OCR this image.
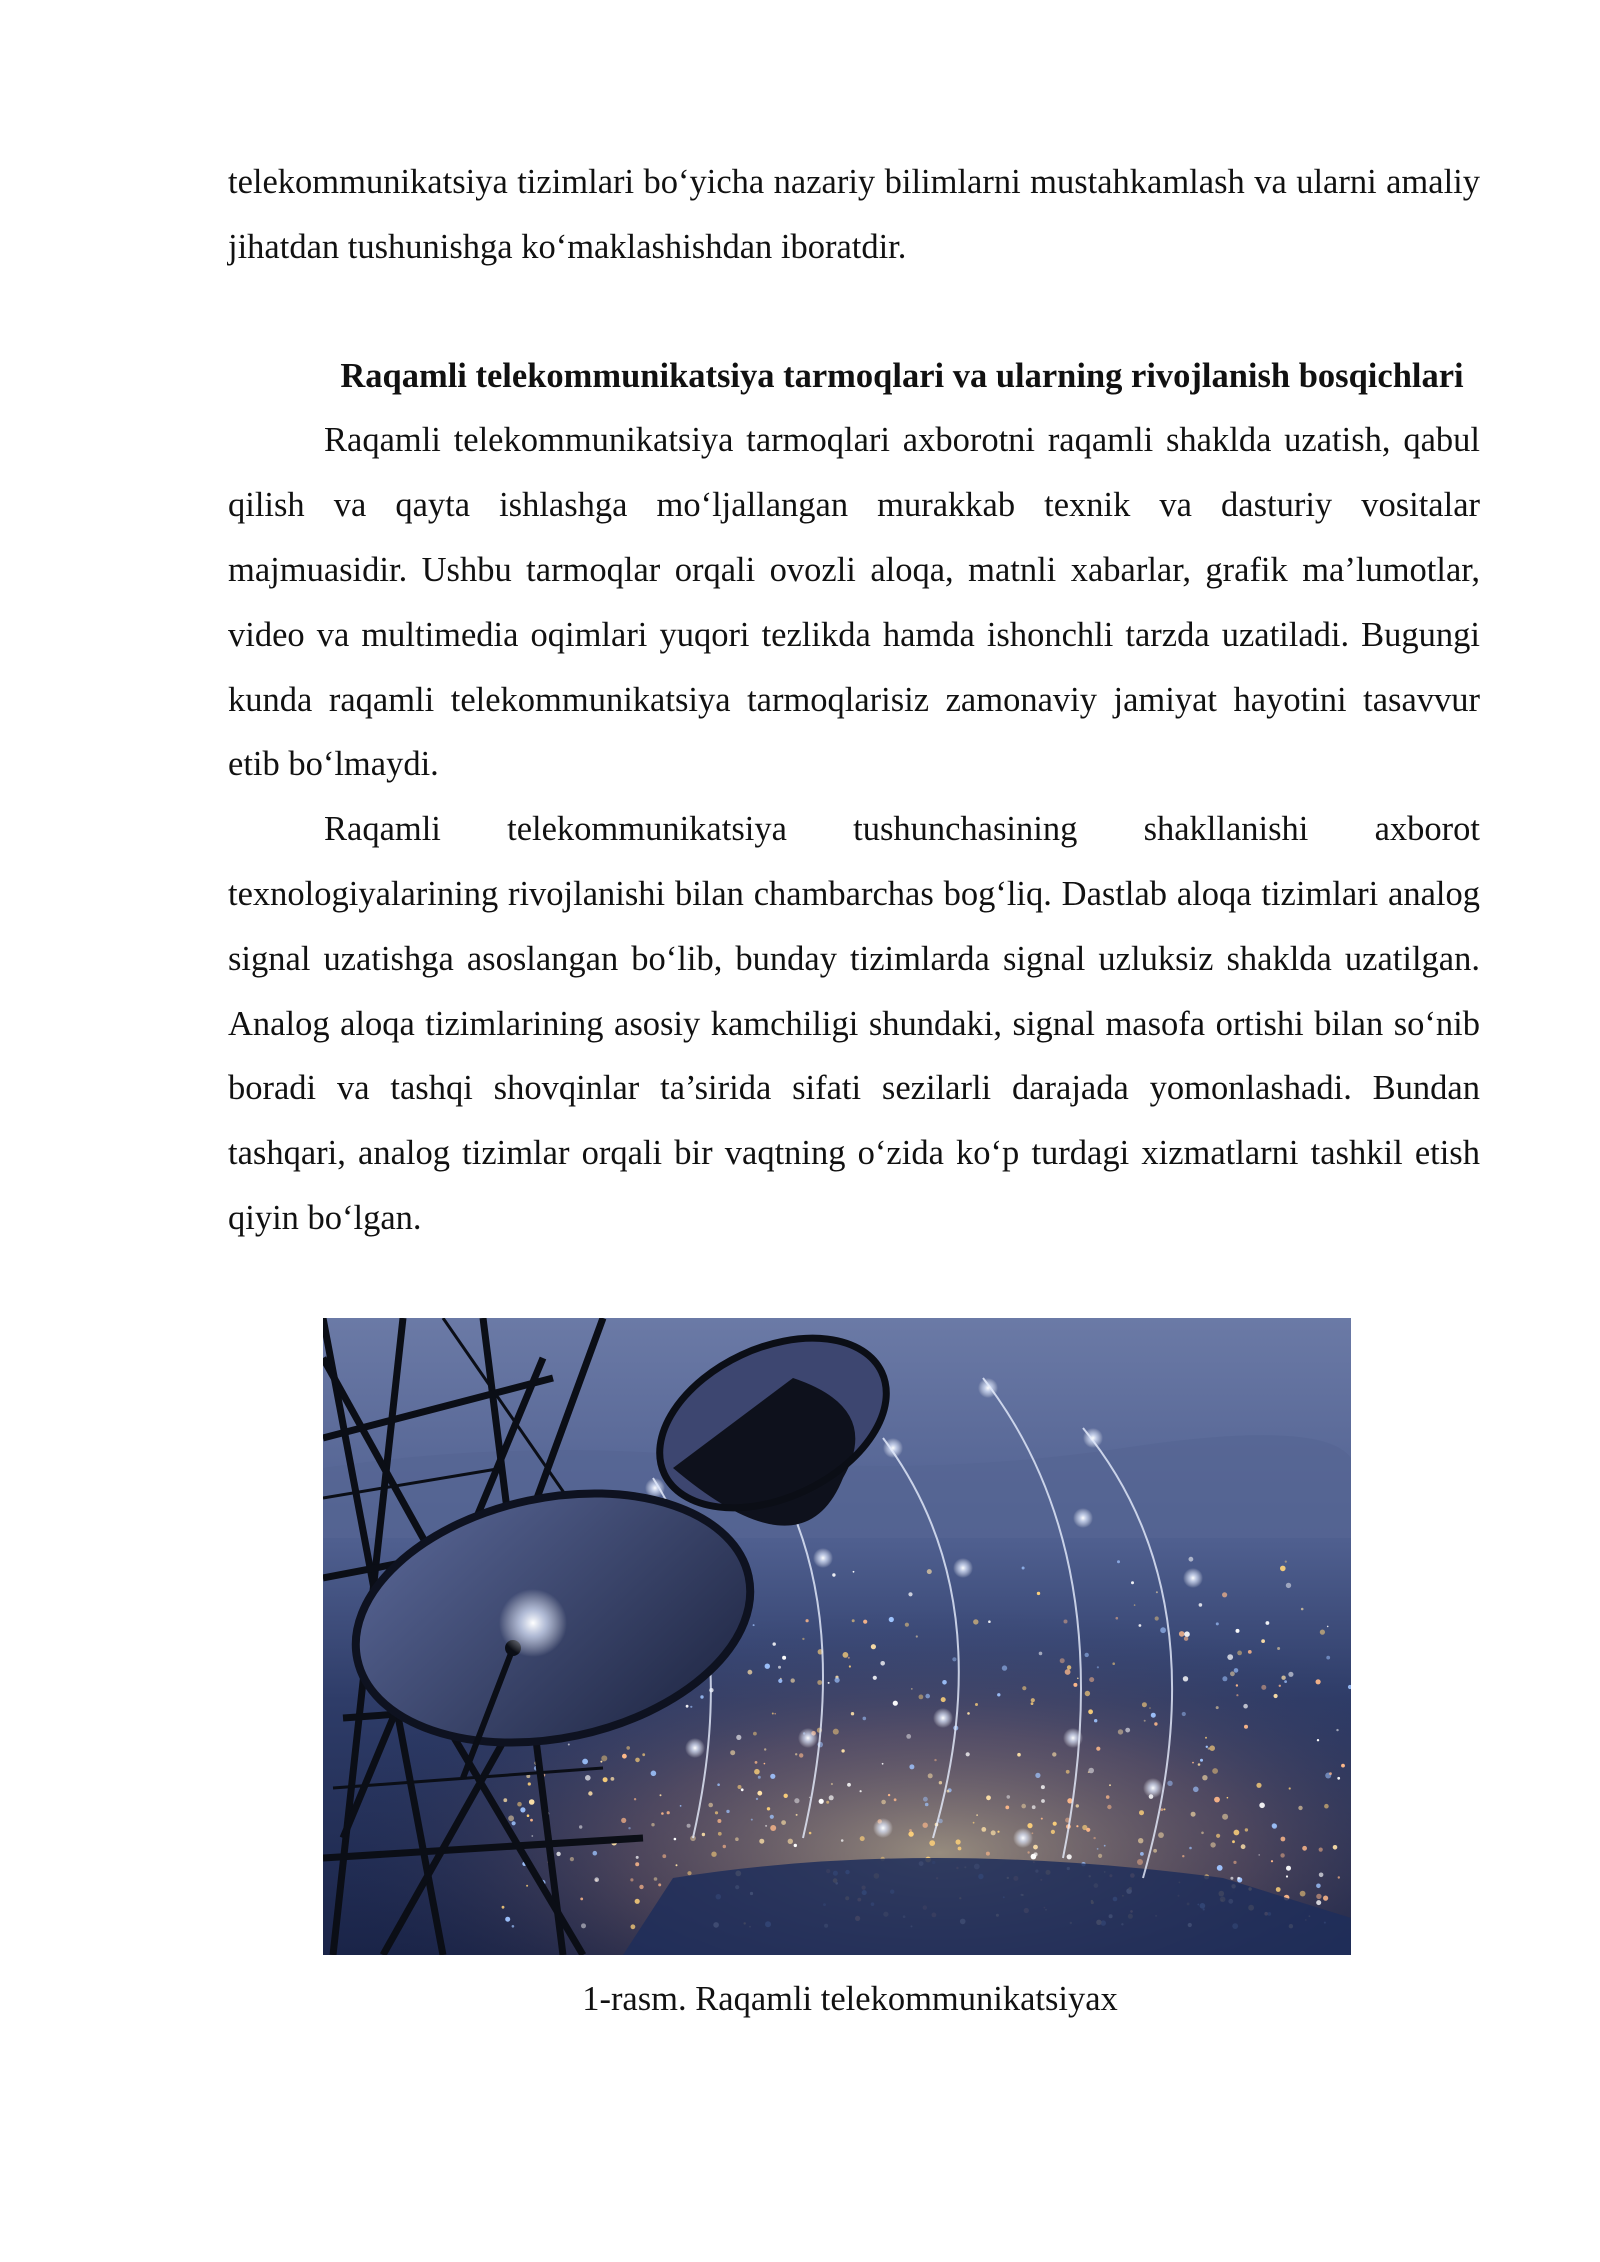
telekommunikatsiya tizimlari bo‘yicha nazariy bilimlarni mustahkamlash va ularni amaliy jihatdan tushunishga ko‘maklashishdan iboratdir.

Raqamli telekommunikatsiya tarmoqlari va ularning rivojlanish bosqichlari

Raqamli telekommunikatsiya tarmoqlari axborotni raqamli shaklda uzatish, qabul qilish va qayta ishlashga mo‘ljallangan murakkab texnik va dasturiy vositalar majmuasidir. Ushbu tarmoqlar orqali ovozli aloqa, matnli xabarlar, grafik ma’lumotlar, video va multimedia oqimlari yuqori tezlikda hamda ishonchli tarzda uzatiladi. Bugungi kunda raqamli telekommunikatsiya tarmoqlarisiz zamonaviy jamiyat hayotini tasavvur etib bo‘lmaydi.

Raqamli telekommunikatsiya tushunchasining shakllanishi axborot texnologiyalarining rivojlanishi bilan chambarchas bog‘liq. Dastlab aloqa tizimlari analog signal uzatishga asoslangan bo‘lib, bunday tizimlarda signal uzluksiz shaklda uzatilgan. Analog aloqa tizimlarining asosiy kamchiligi shundaki, signal masofa ortishi bilan so‘nib boradi va tashqi shovqinlar ta’sirida sifati sezilarli darajada yomonlashadi. Bundan tashqari, analog tizimlar orqali bir vaqtning o‘zida ko‘p turdagi xizmatlarni tashkil etish qiyin bo‘lgan.

1-rasm. Raqamli telekommunikatsiyax
